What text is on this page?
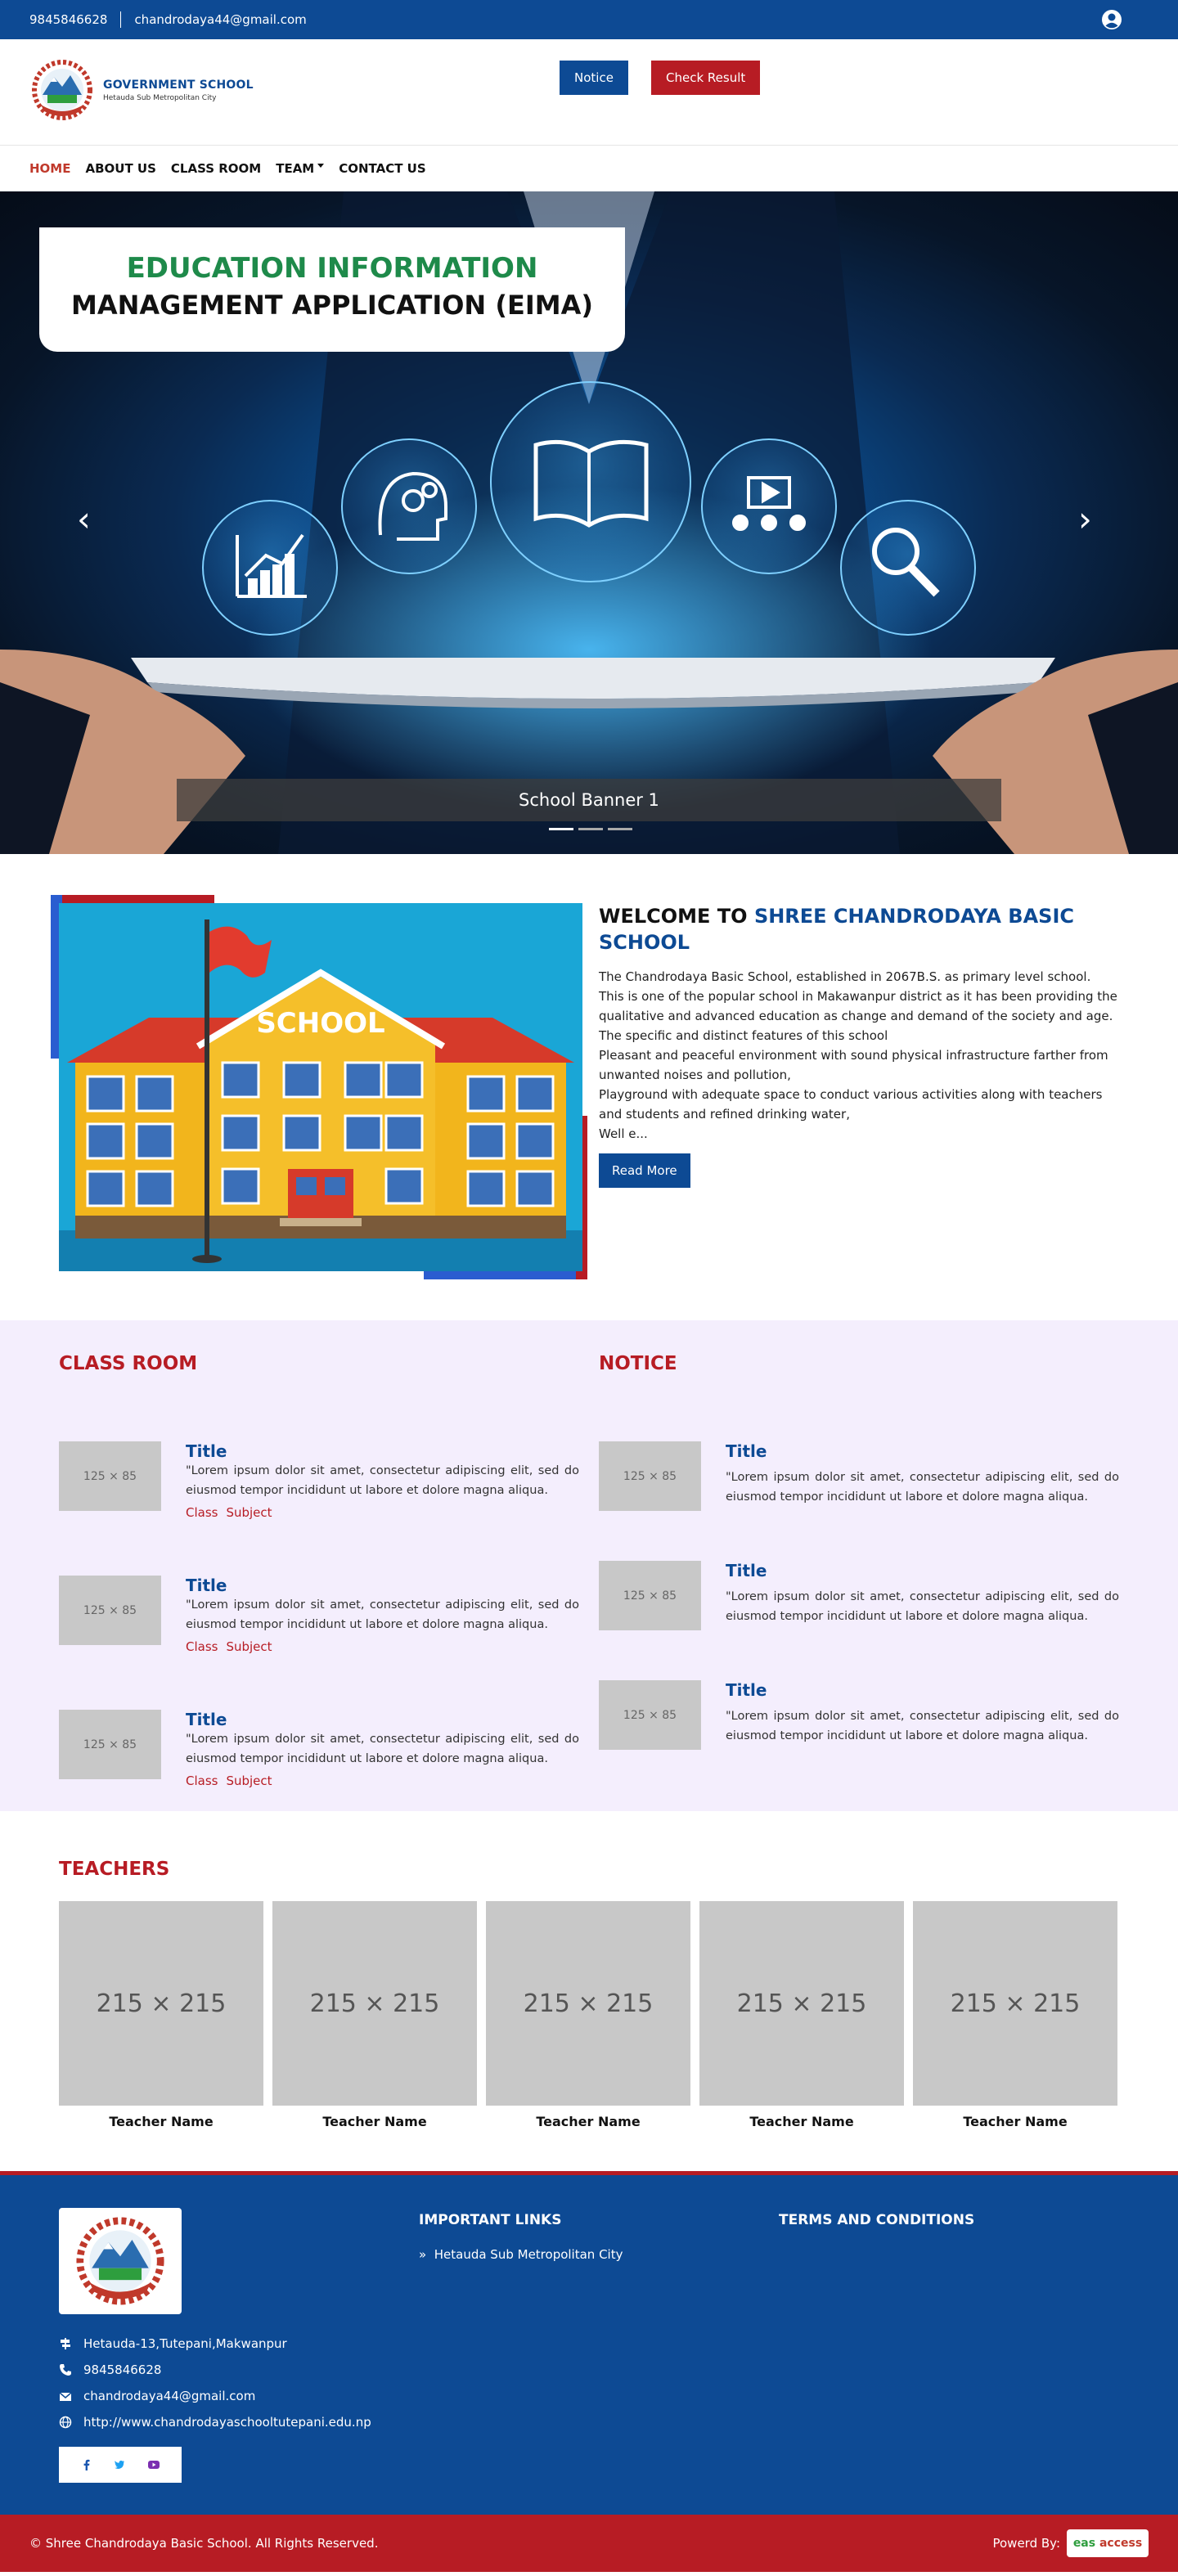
9845846628 chandrodaya44@gmail.com
GOVERNMENT SCHOOL
Hetauda Sub Metropolitan City
Notice	Check Result
HOME ABOUT US CLASS ROOM TEAM	CONTACT US
EDUCATION INFORMATION
MANAGEMENT APPLICATION (EIMA)
‹	›
School Banner 1
SCHOOL
WELCOME TO SHREE CHANDRODAYA BASIC SCHOOL
The Chandrodaya Basic School, established in 2067B.S. as primary level school. This is one of the popular school in Makawanpur district as it has been providing the qualitative and advanced education as change and demand of the society and age.
The specific and distinct features of this school
Pleasant and peaceful environment with sound physical infrastructure farther from unwanted noises and pollution,
Playground with adequate space to conduct various activities along with teachers and students and refined drinking water,
Well e...
Read More
CLASS ROOM
125 × 85
Title
"Lorem ipsum dolor sit amet, consectetur adipiscing elit, sed do eiusmod tempor incididunt ut labore et dolore magna aliqua.
Class Subject
125 × 85
Title
"Lorem ipsum dolor sit amet, consectetur adipiscing elit, sed do eiusmod tempor incididunt ut labore et dolore magna aliqua.
Class Subject
125 × 85
Title
"Lorem ipsum dolor sit amet, consectetur adipiscing elit, sed do eiusmod tempor incididunt ut labore et dolore magna aliqua.
Class Subject
NOTICE
125 × 85
Title
"Lorem ipsum dolor sit amet, consectetur adipiscing elit, sed do eiusmod tempor incididunt ut labore et dolore magna aliqua.
125 × 85
Title
"Lorem ipsum dolor sit amet, consectetur adipiscing elit, sed do eiusmod tempor incididunt ut labore et dolore magna aliqua.
125 × 85
Title
"Lorem ipsum dolor sit amet, consectetur adipiscing elit, sed do eiusmod tempor incididunt ut labore et dolore magna aliqua.
TEACHERS
215 × 215
Teacher Name
215 × 215
Teacher Name
215 × 215
Teacher Name
215 × 215
Teacher Name
215 × 215
Teacher Name
Hetauda-13,Tutepani,Makwanpur
9845846628
chandrodaya44@gmail.com
http://www.chandrodayaschooltutepani.edu.np
IMPORTANT LINKS
» Hetauda Sub Metropolitan City
TERMS AND CONDITIONS
© Shree Chandrodaya Basic School. All Rights Reserved.	Powerd By: eas
access
